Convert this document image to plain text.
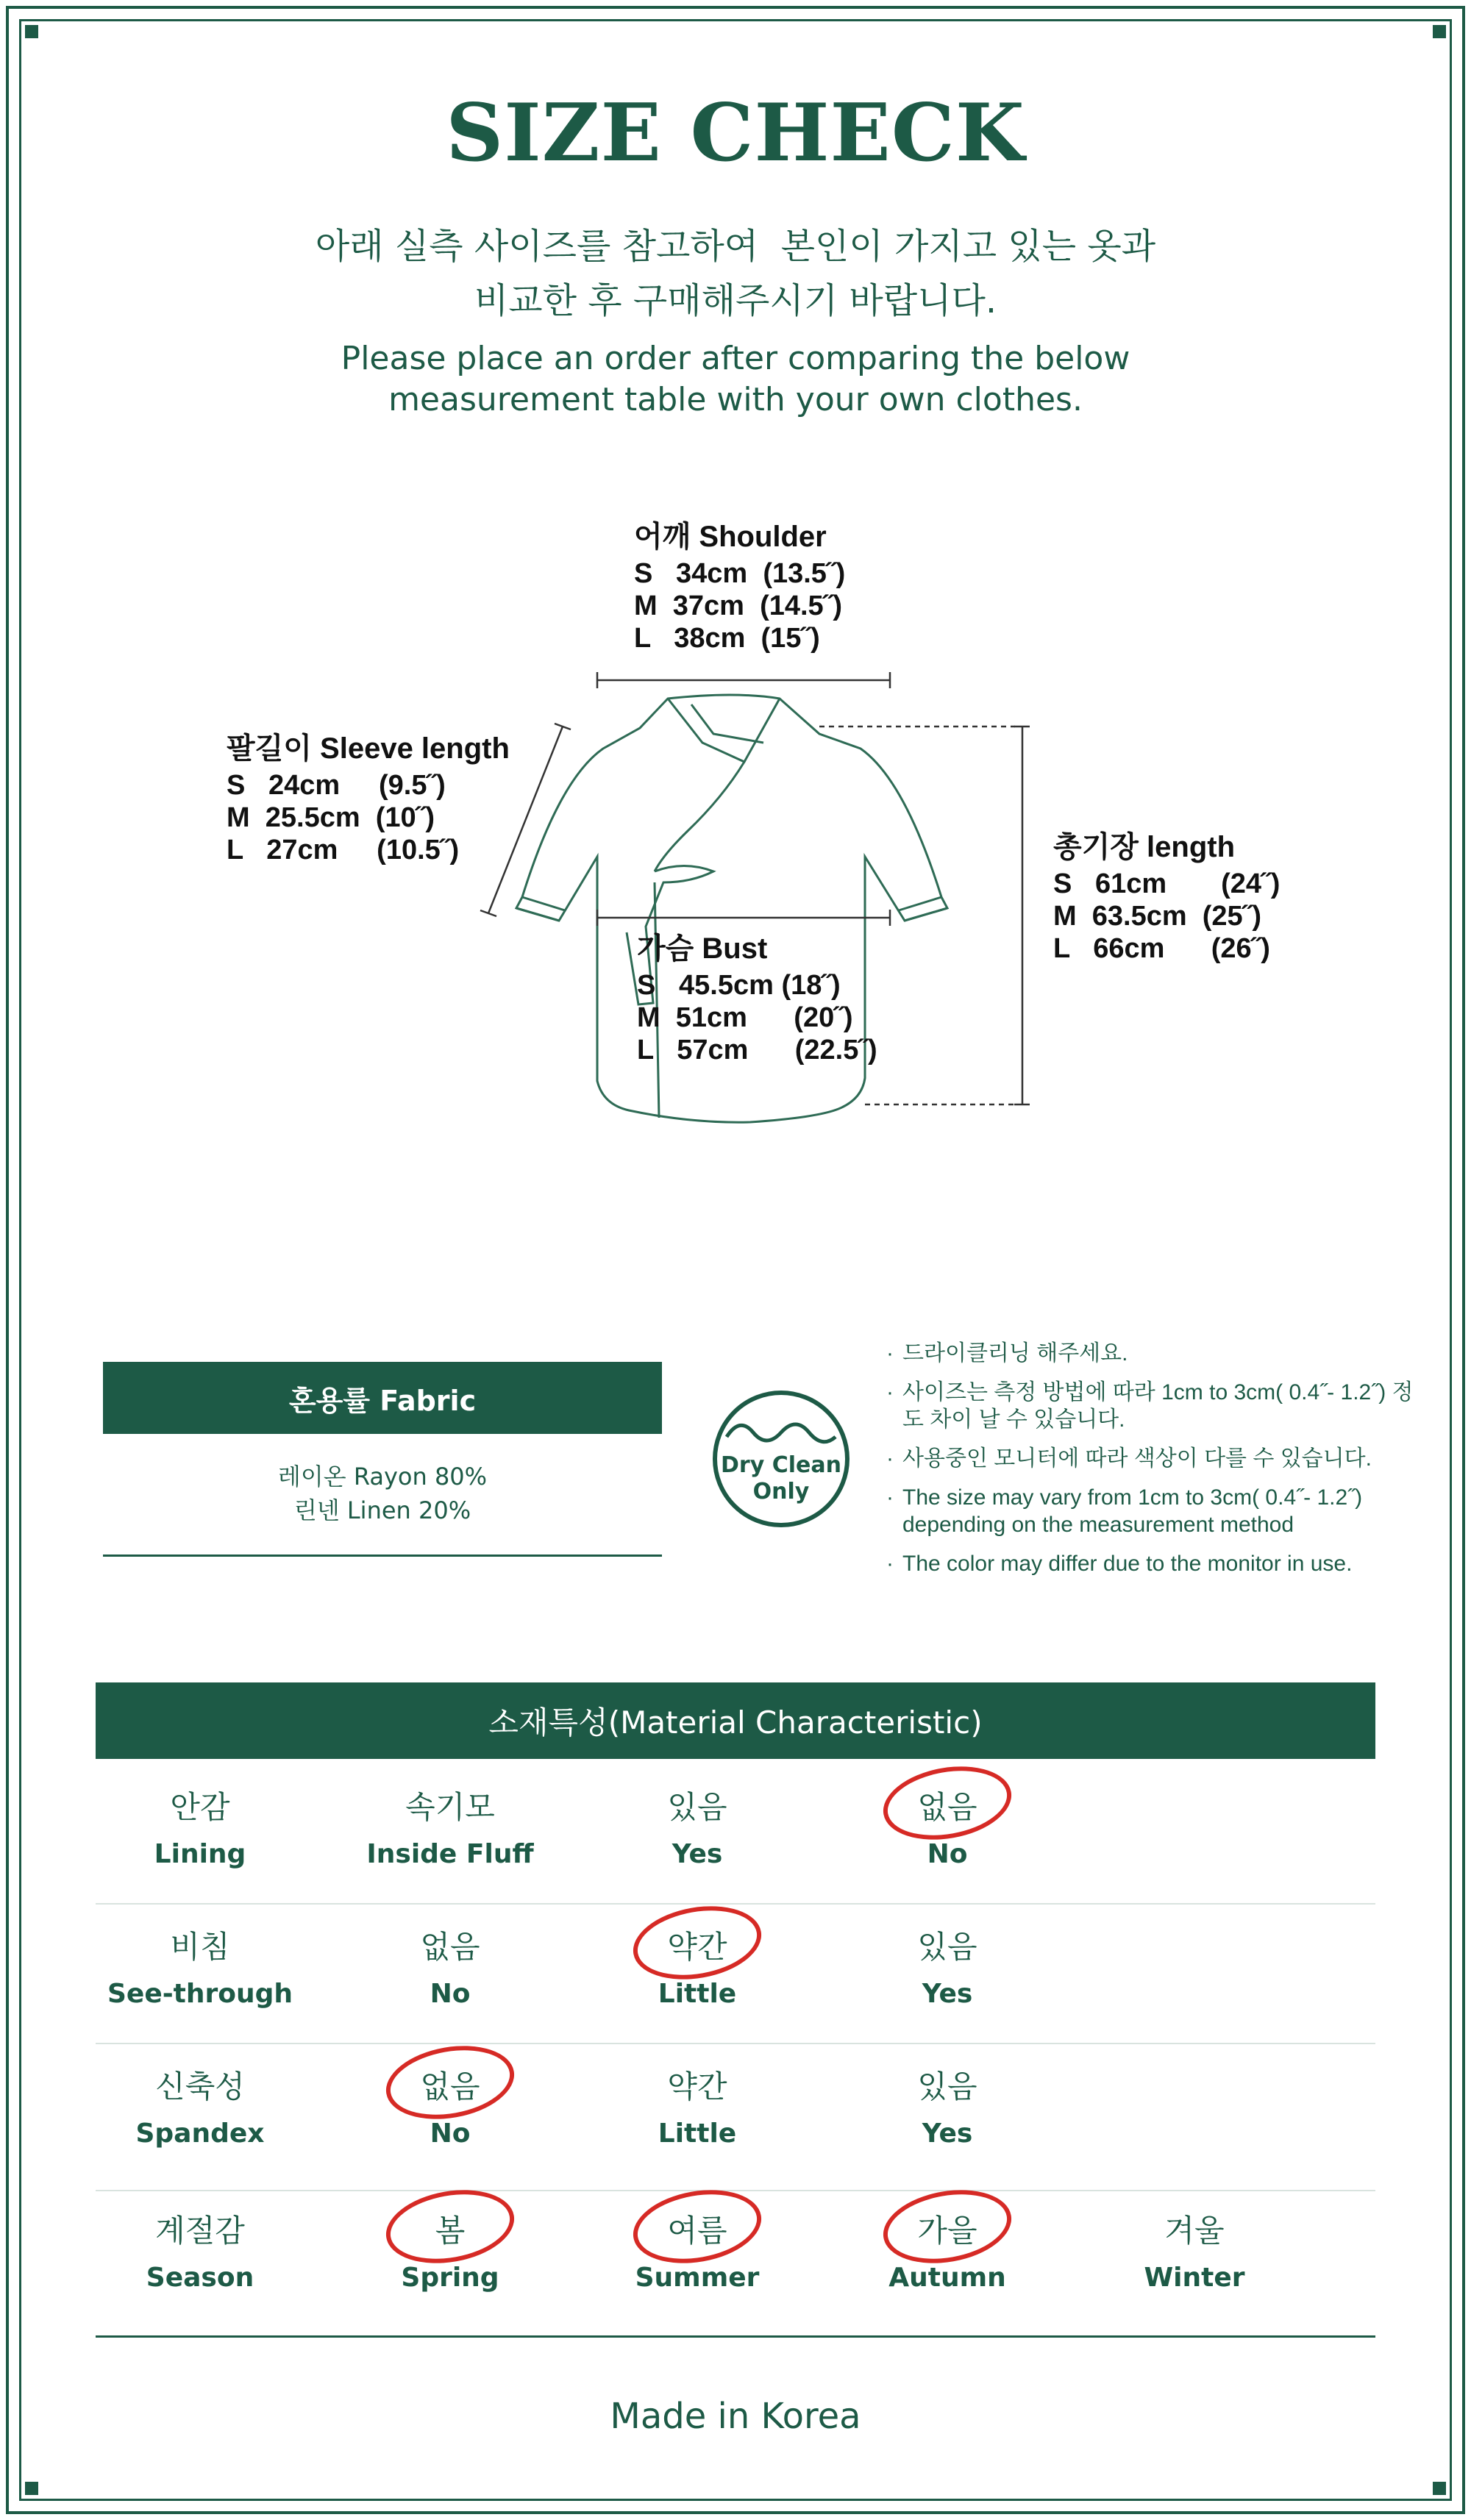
SIZE CHECK
아래 실측 사이즈를 참고하여  본인이 가지고 있는 옷과
비교한 후 구매해주시기 바랍니다.
Please place an order after comparing the below
measurement table with your own clothes.
어깨 Shoulder
S   34cm  (13.5˝)
M  37cm  (14.5˝)
L   38cm  (15˝)
팔길이 Sleeve length
S   24cm     (9.5˝)
M  25.5cm  (10˝)
L   27cm     (10.5˝)	총기장 length
S   61cm       (24˝)
M  63.5cm  (25˝)
L   66cm      (26˝)
가슴 Bust
S   45.5cm (18˝)
M  51cm      (20˝)
L   57cm      (22.5˝)
혼용률 Fabric
레이온 Rayon 80%
린넨 Linen 20%
Dry Clean
Only
· 드라이클리닝 해주세요.
· 사이즈는 측정 방법에 따라 1cm to 3cm( 0.4˝- 1.2˝) 정도 차이 날 수 있습니다.
· 사용중인 모니터에 따라 색상이 다를 수 있습니다.
· The size may vary from 1cm to 3cm( 0.4˝- 1.2˝) depending on the measurement method
· The color may differ due to the monitor in use.
소재특성(Material Characteristic)
안감
Lining
속기모
Inside Fluff
있음
Yes
없음
No
비침
See-through
없음
No
약간
Little
있음
Yes
신축성
Spandex
없음
No
약간
Little
있음
Yes
계절감
Season
봄
Spring
여름
Summer
가을
Autumn
겨울
Winter
Made in Korea
